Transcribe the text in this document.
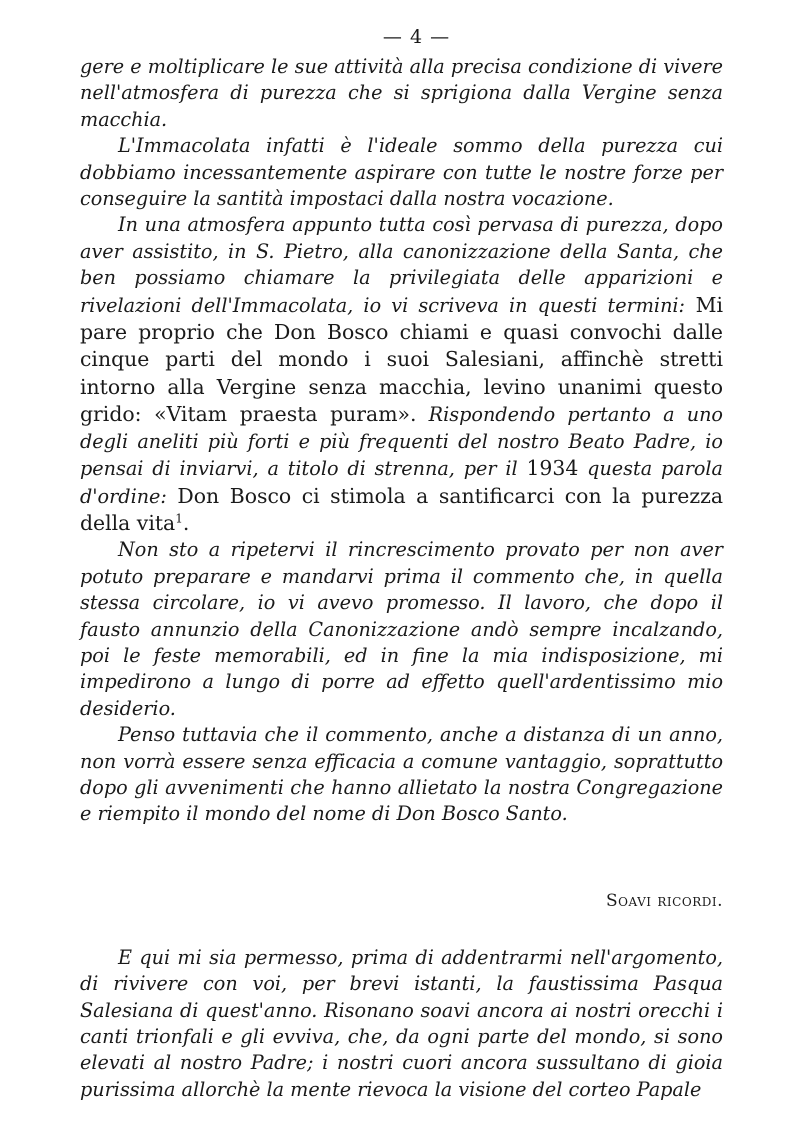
— 4 —

gere e moltiplicare le sue attività alla precisa condizione di vivere nell'atmosfera di purezza che si sprigiona dalla Vergine senza macchia.

L'Immacolata infatti è l'ideale sommo della purezza cui dobbiamo incessantemente aspirare con tutte le nostre forze per conseguire la santità impostaci dalla nostra vocazione.

In una atmosfera appunto tutta così pervasa di purezza, dopo aver assistito, in S. Pietro, alla canonizzazione della Santa, che ben possiamo chiamare la privilegiata delle apparizioni e rivelazioni dell'Immacolata, io vi scriveva in questi termini: Mi pare proprio che Don Bosco chiami e quasi convochi dalle cinque parti del mondo i suoi Salesiani, affinchè stretti intorno alla Vergine senza macchia, levino unanimi questo grido: «Vitam praesta puram». Rispondendo pertanto a uno degli aneliti più forti e più frequenti del nostro Beato Padre, io pensai di inviarvi, a titolo di strenna, per il 1934 questa parola d'ordine: Don Bosco ci stimola a santificarci con la purezza della vita$^1$.

Non sto a ripetervi il rincrescimento provato per non aver potuto preparare e mandarvi prima il commento che, in quella stessa circolare, io vi avevo promesso. Il lavoro, che dopo il fausto annunzio della Canonizzazione andò sempre incalzando, poi le feste memorabili, ed in fine la mia indisposizione, mi impedirono a lungo di porre ad effetto quell'ardentissimo mio desiderio.

Penso tuttavia che il commento, anche a distanza di un anno, non vorrà essere senza efficacia a comune vantaggio, soprattutto dopo gli avvenimenti che hanno allietato la nostra Congregazione e riempito il mondo del nome di Don Bosco Santo.

Soavi ricordi.

E qui mi sia permesso, prima di addentrarmi nell'argomento, di rivivere con voi, per brevi istanti, la faustissima Pasqua Salesiana di quest'anno. Risonano soavi ancora ai nostri orecchi i canti trionfali e gli evviva, che, da ogni parte del mondo, si sono elevati al nostro Padre; i nostri cuori ancora sussultano di gioia purissima allorchè la mente rievoca la visione del corteo Papale
